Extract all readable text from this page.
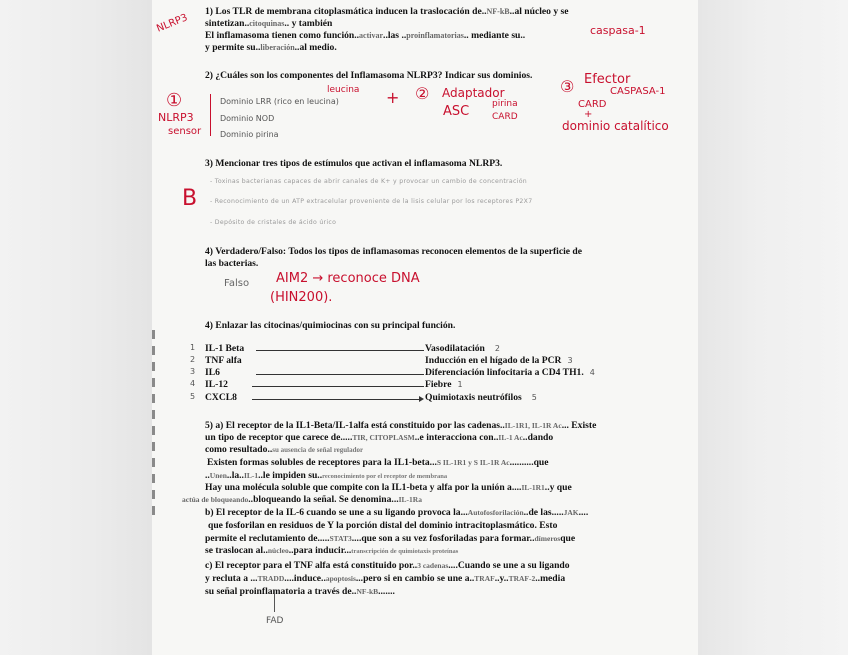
1) Los TLR de membrana citoplasmática inducen la traslocación de..NF-kB..al núcleo y se
sintetizan..citoquinas.. y también
El inflamasoma tienen como función..activar..las ..proinflamatorias.. mediante su..	caspasa-1
y permite su..liberación..al medio.
NLRP3
2) ¿Cuáles son los componentes del Inflamasoma NLRP3? Indicar sus dominios.
①
NLRP3
sensor
Dominio LRR (rico en leucina)
Dominio NOD
Dominio pirina
leucina + ② Adaptador
ASC	pirina
CARD
③ Efector
CASPASA-1
CARD
+
dominio catalítico
3) Mencionar tres tipos de estímulos que activan el inflamasoma NLRP3.
B
- Toxinas bacterianas capaces de abrir canales de K+ y provocar un cambio de concentración
- Reconocimiento de un ATP extracelular proveniente de la lisis celular por los receptores P2X7
- Depósito de cristales de ácido úrico
4) Verdadero/Falso: Todos los tipos de inflamasomas reconocen elementos de la superficie de
las bacterias.
Falso AIM2 → reconoce DNA
(HIN200).
4) Enlazar las citocinas/quimiocinas con su principal función.
1 IL-1 Beta
2 TNF alfa
3 IL6
4 IL-12
5 CXCL8
Vasodilatación 2
Inducción en el hígado de la PCR 3
Diferenciación linfocitaria a CD4 TH1. 4
Fiebre 1
Quimiotaxis neutrófilos 5
5) a) El receptor de la IL1-Beta/IL-1alfa está constituido por las cadenas..IL-1R1, IL-1R Ac... Existe
un tipo de receptor que carece de.....TIR, CITOPLASM..e interacciona con..IL-1 Ac..dando
como resultado..su ausencia de señal regulador
Existen formas solubles de receptores para la IL1-beta...S IL-1R1 y S IL-1R Ac..........que
..Unen..la..IL-1..le impiden su..reconocimiento por el receptor de membrana
Hay una molécula soluble que compite con la IL1-beta y alfa por la unión a....IL-1R1..y que
actúa de bloqueando..bloqueando la señal. Se denomina...IL-1Ra
b) El receptor de la IL-6 cuando se une a su ligando provoca la...Autofosforilación..de las.....JAK....
que fosforilan en residuos de Y la porción distal del dominio intracitoplasmático. Esto
permite el reclutamiento de.....STAT3....que son a su vez fosforiladas para formar..dímerosque
se traslocan al..núcleo..para inducir...transcripción de quimiotaxis proteínas
c) El receptor para el TNF alfa está constituido por..3 cadenas....Cuando se une a su ligando
y recluta a ...TRADD....induce..apoptosis...pero si en cambio se une a..TRAF..y..TRAF-2..media
su señal proinflamatoria a través de..NF-kB.......
FAD
